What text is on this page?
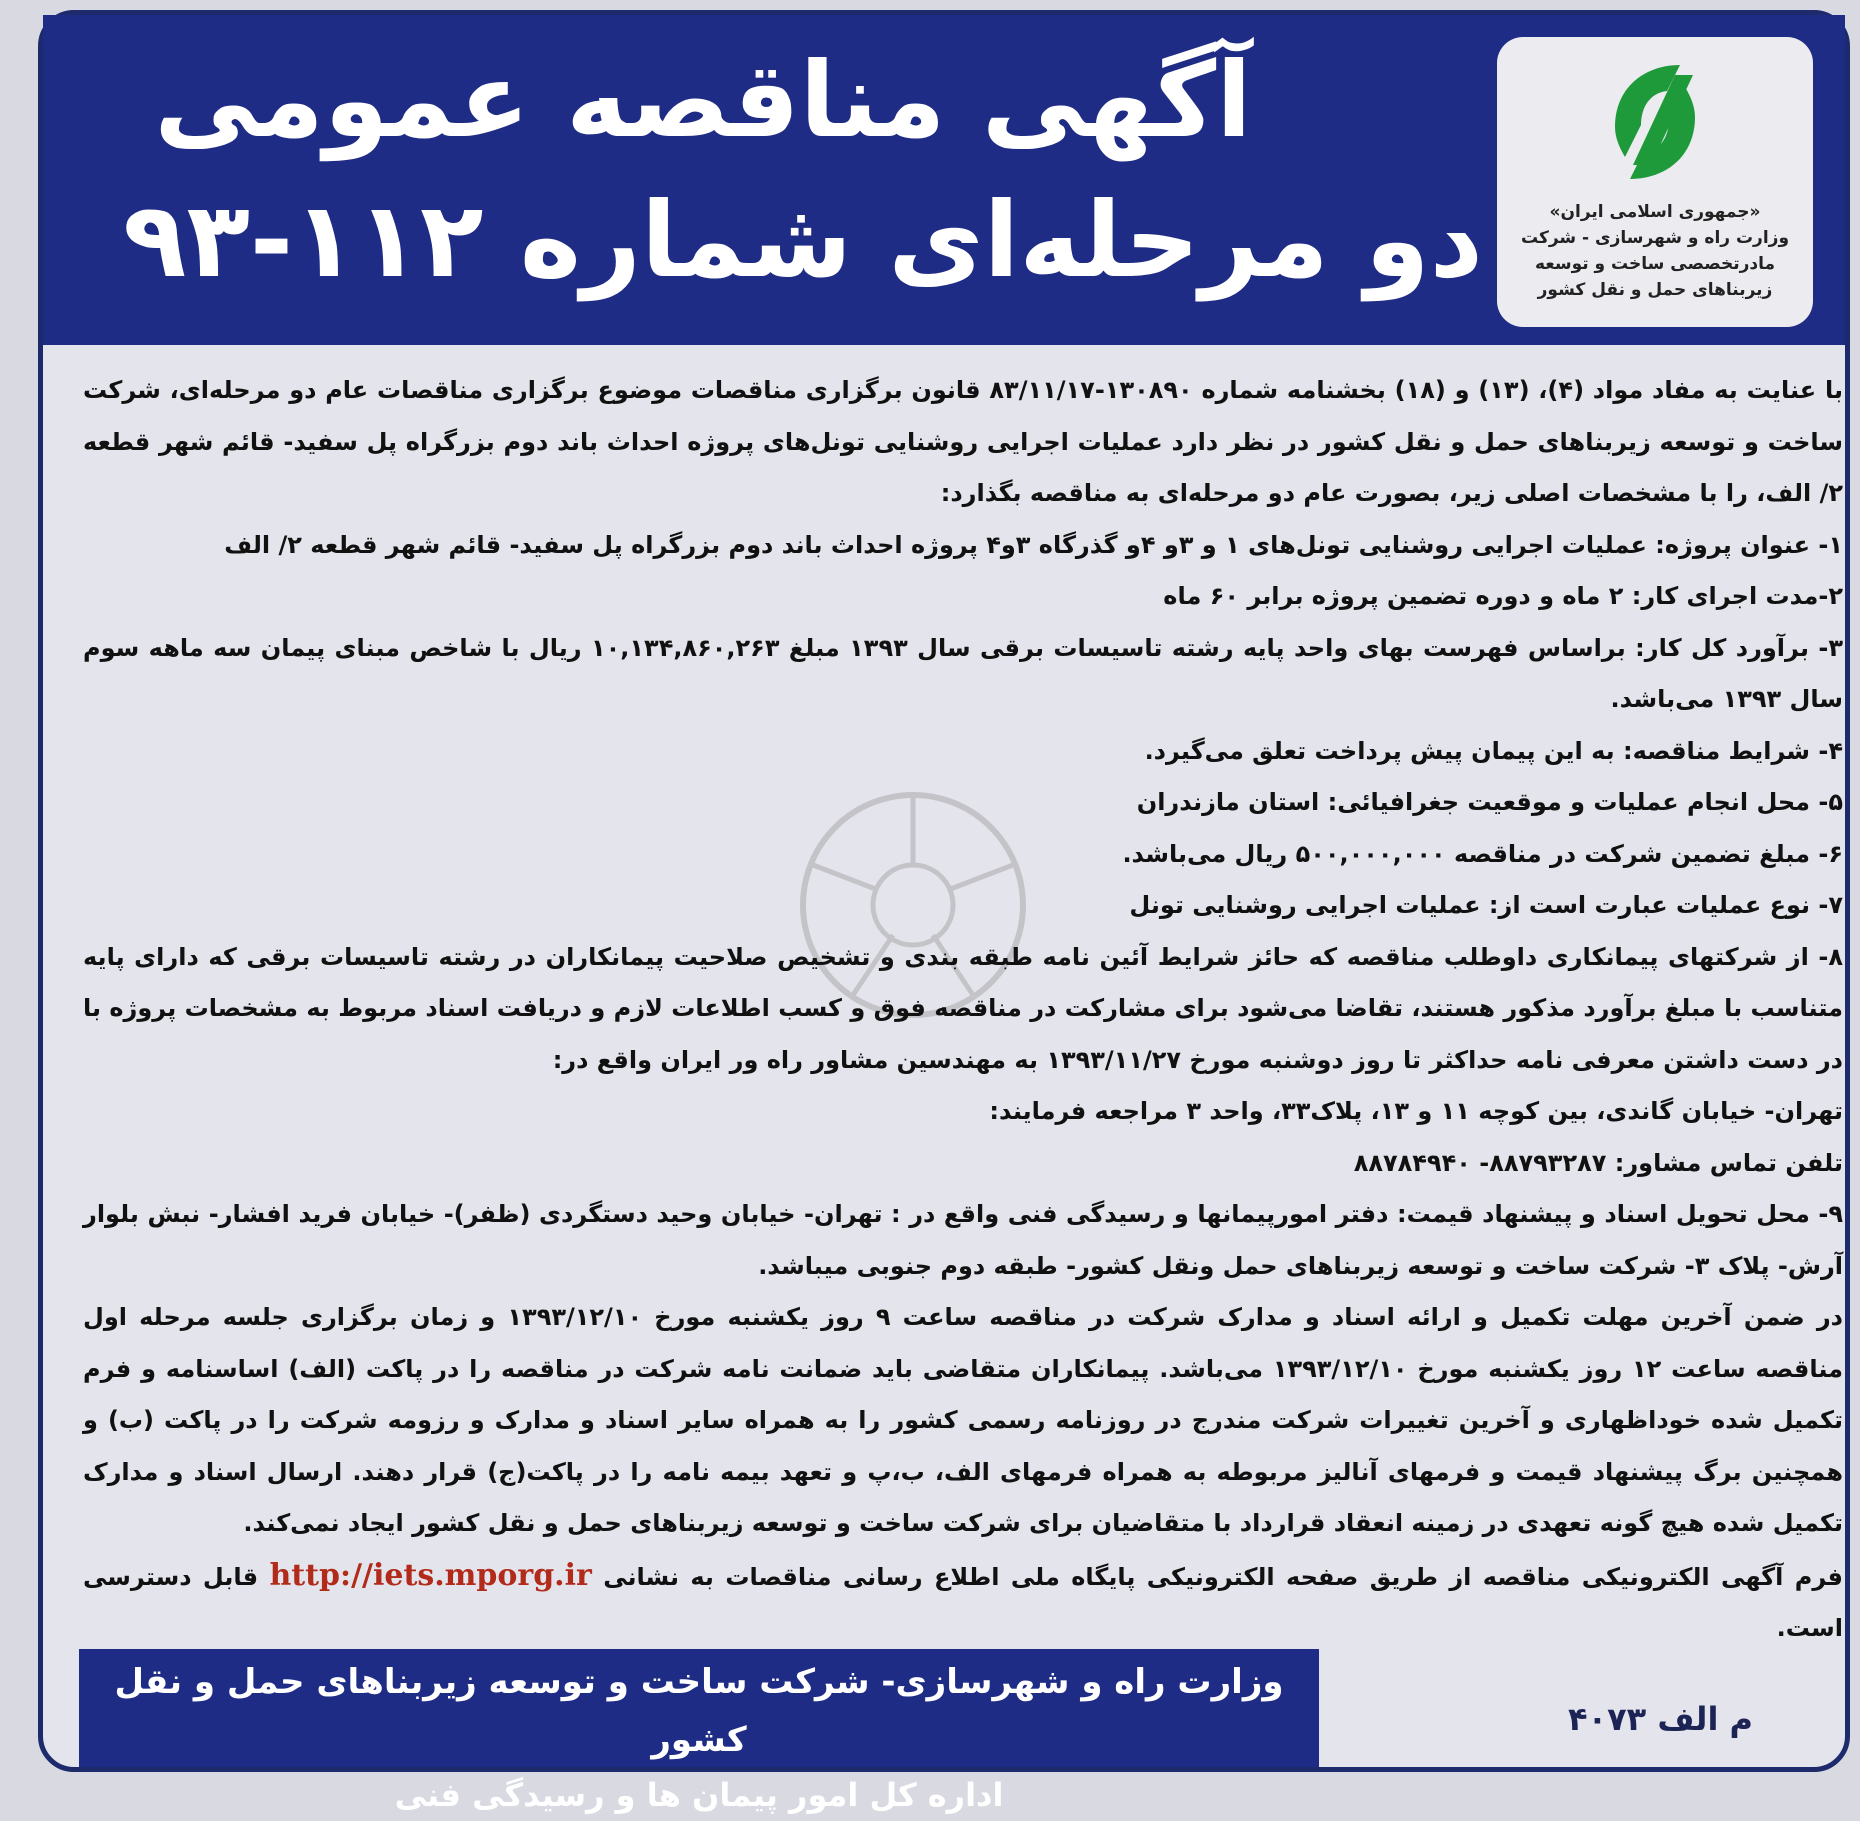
آگهی مناقصه عمومی
دو مرحله‌ای شماره ۱۱۲-۹۳	«جمهوری اسلامی ایران»
وزارت راه و شهرسازی - شرکت
مادرتخصصی ساخت و توسعه
زیربناهای حمل و نقل کشور

با عنایت به مفاد مواد (۴)، (۱۳) و (۱۸) بخشنامه شماره ۱۳۰۸۹۰-۸۳/۱۱/۱۷ قانون برگزاری مناقصات موضوع برگزاری مناقصات عام دو مرحله‌ای، شرکت ساخت و توسعه زیربناهای حمل و نقل کشور در نظر دارد عملیات اجرایی روشنایی تونل‌های پروژه احداث باند دوم بزرگراه پل سفید- قائم شهر قطعه ۲/ الف، را با مشخصات اصلی زیر، بصورت عام دو مرحله‌ای به مناقصه بگذارد:

۱- عنوان پروژه: عملیات اجرایی روشنایی تونل‌های ۱ و ۳و ۴و گذرگاه ۳و۴ پروژه احداث باند دوم بزرگراه پل سفید- قائم شهر قطعه ۲/ الف

۲-مدت اجرای کار: ۲ ماه و دوره تضمین پروژه برابر ۶۰ ماه

۳- برآورد کل کار: براساس فهرست بهای واحد پایه رشته تاسیسات برقی سال ۱۳۹۳ مبلغ ۱۰,۱۳۴,۸۶۰,۲۶۳ ریال با شاخص مبنای پیمان سه ماهه سوم سال ۱۳۹۳ می‌باشد.

۴- شرایط مناقصه: به این پیمان پیش پرداخت تعلق می‌گیرد.

۵- محل انجام عملیات و موقعیت جغرافیائی: استان مازندران

۶- مبلغ تضمین شرکت در مناقصه ۵۰۰,۰۰۰,۰۰۰ ریال می‌باشد.

۷- نوع عملیات عبارت است از: عملیات اجرایی روشنایی تونل

۸- از شرکتهای پیمانکاری داوطلب مناقصه که حائز شرایط آئین نامه طبقه بندی و تشخیص صلاحیت پیمانکاران در رشته تاسیسات برقی که دارای پایه متناسب با مبلغ برآورد مذکور هستند، تقاضا می‌شود برای مشارکت در مناقصه فوق و کسب اطلاعات لازم و دریافت اسناد مربوط به مشخصات پروژه با در دست داشتن معرفی نامه حداکثر تا روز دوشنبه مورخ ۱۳۹۳/۱۱/۲۷ به مهندسین مشاور راه ور ایران واقع در:

تهران- خیابان گاندی، بین کوچه ۱۱ و ۱۳، پلاک۳۳، واحد ۳ مراجعه فرمایند:

تلفن تماس مشاور: ۸۸۷۹۳۲۸۷- ۸۸۷۸۴۹۴۰

۹- محل تحویل اسناد و پیشنهاد قیمت: دفتر امورپیمانها و رسیدگی فنی واقع در : تهران- خیابان وحید دستگردی (ظفر)- خیابان فرید افشار- نبش بلوار آرش- پلاک ۳- شرکت ساخت و توسعه زیربناهای حمل ونقل کشور- طبقه دوم جنوبی میباشد.

در ضمن آخرین مهلت تکمیل و ارائه اسناد و مدارک شرکت در مناقصه ساعت ۹ روز یکشنبه مورخ ۱۳۹۳/۱۲/۱۰ و زمان برگزاری جلسه مرحله اول مناقصه ساعت ۱۲ روز یکشنبه مورخ ۱۳۹۳/۱۲/۱۰ می‌باشد. پیمانکاران متقاضی باید ضمانت نامه شرکت در مناقصه را در پاکت (الف) اساسنامه و فرم تکمیل شده خوداظهاری و آخرین تغییرات شرکت مندرج در روزنامه رسمی کشور را به همراه سایر اسناد و مدارک و رزومه شرکت را در پاکت (ب) و همچنین برگ پیشنهاد قیمت و فرمهای آنالیز مربوطه به همراه فرمهای الف، ب،پ و تعهد بیمه نامه را در پاکت(ج) قرار دهند. ارسال اسناد و مدارک تکمیل شده هیچ گونه تعهدی در زمینه انعقاد قرارداد با متقاضیان برای شرکت ساخت و توسعه زیربناهای حمل و نقل کشور ایجاد نمی‌کند.

فرم آگهی الکترونیکی مناقصه از طریق صفحه الکترونیکی پایگاه ملی اطلاع رسانی مناقصات به نشانی http://iets.mporg.ir قابل دسترسی است.

وزارت راه و شهرسازی- شرکت ساخت و توسعه زیربناهای حمل و نقل کشور
اداره کل امور پیمان ها و رسیدگی فنی
م الف ۴۰۷۳
